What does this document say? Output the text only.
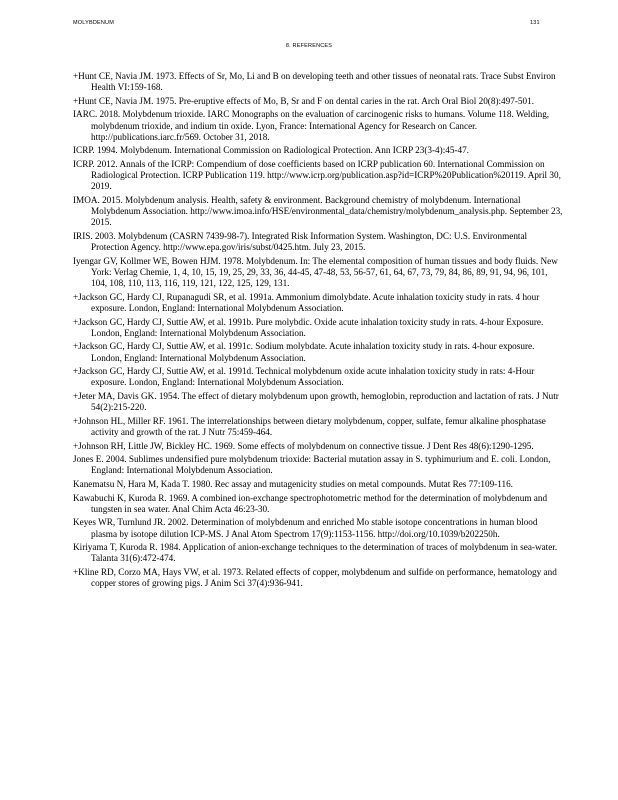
MOLYBDENUM	131
8. REFERENCES
+Hunt CE, Navia JM. 1973. Effects of Sr, Mo, Li and B on developing teeth and other tissues of neonatal rats. Trace Subst Environ Health VI:159-168.
+Hunt CE, Navia JM. 1975. Pre-eruptive effects of Mo, B, Sr and F on dental caries in the rat. Arch Oral Biol 20(8):497-501.
IARC. 2018. Molybdenum trioxide. IARC Monographs on the evaluation of carcinogenic risks to humans. Volume 118. Welding, molybdenum trioxide, and indium tin oxide. Lyon, France: International Agency for Research on Cancer. http://publications.iarc.fr/569. October 31, 2018.
ICRP. 1994. Molybdenum. International Commission on Radiological Protection. Ann ICRP 23(3-4):45-47.
ICRP. 2012. Annals of the ICRP: Compendium of dose coefficients based on ICRP publication 60. International Commission on Radiological Protection. ICRP Publication 119. http://www.icrp.org/publication.asp?id=ICRP%20Publication%20119. April 30, 2019.
IMOA. 2015. Molybdenum analysis. Health, safety & environment. Background chemistry of molybdenum. International Molybdenum Association. http://www.imoa.info/HSE/environmental_data/chemistry/molybdenum_analysis.php. September 23, 2015.
IRIS. 2003. Molybdenum (CASRN 7439-98-7). Integrated Risk Information System. Washington, DC: U.S. Environmental Protection Agency. http://www.epa.gov/iris/subst/0425.htm. July 23, 2015.
Iyengar GV, Kollmer WE, Bowen HJM. 1978. Molybdenum. In: The elemental composition of human tissues and body fluids. New York: Verlag Chemie, 1, 4, 10, 15, 19, 25, 29, 33, 36, 44-45, 47-48, 53, 56-57, 61, 64, 67, 73, 79, 84, 86, 89, 91, 94, 96, 101, 104, 108, 110, 113, 116, 119, 121, 122, 125, 129, 131.
+Jackson GC, Hardy CJ, Rupanagudi SR, et al. 1991a. Ammonium dimolybdate. Acute inhalation toxicity study in rats. 4 hour exposure. London, England: International Molybdenum Association.
+Jackson GC, Hardy CJ, Suttie AW, et al. 1991b. Pure molybdic. Oxide acute inhalation toxicity study in rats. 4-hour Exposure. London, England: International Molybdenum Association.
+Jackson GC, Hardy CJ, Suttie AW, et al. 1991c. Sodium molybdate. Acute inhalation toxicity study in rats. 4-hour exposure. London, England: International Molybdenum Association.
+Jackson GC, Hardy CJ, Suttie AW, et al. 1991d. Technical molybdenum oxide acute inhalation toxicity study in rats: 4-Hour exposure. London, England: International Molybdenum Association.
+Jeter MA, Davis GK. 1954. The effect of dietary molybdenum upon growth, hemoglobin, reproduction and lactation of rats. J Nutr 54(2):215-220.
+Johnson HL, Miller RF. 1961. The interrelationships between dietary molybdenum, copper, sulfate, femur alkaline phosphatase activity and growth of the rat. J Nutr 75:459-464.
+Johnson RH, Little JW, Bickley HC. 1969. Some effects of molybdenum on connective tissue. J Dent Res 48(6):1290-1295.
Jones E. 2004. Sublimes undensified pure molybdenum trioxide: Bacterial mutation assay in S. typhimurium and E. coli. London, England: International Molybdenum Association.
Kanematsu N, Hara M, Kada T. 1980. Rec assay and mutagenicity studies on metal compounds. Mutat Res 77:109-116.
Kawabuchi K, Kuroda R. 1969. A combined ion-exchange spectrophotometric method for the determination of molybdenum and tungsten in sea water. Anal Chim Acta 46:23-30.
Keyes WR, Turnlund JR. 2002. Determination of molybdenum and enriched Mo stable isotope concentrations in human blood plasma by isotope dilution ICP-MS. J Anal Atom Spectrom 17(9):1153-1156. http://doi.org/10.1039/b202250h.
Kiriyama T, Kuroda R. 1984. Application of anion-exchange techniques to the determination of traces of molybdenum in sea-water. Talanta 31(6):472-474.
+Kline RD, Corzo MA, Hays VW, et al. 1973. Related effects of copper, molybdenum and sulfide on performance, hematology and copper stores of growing pigs. J Anim Sci 37(4):936-941.
